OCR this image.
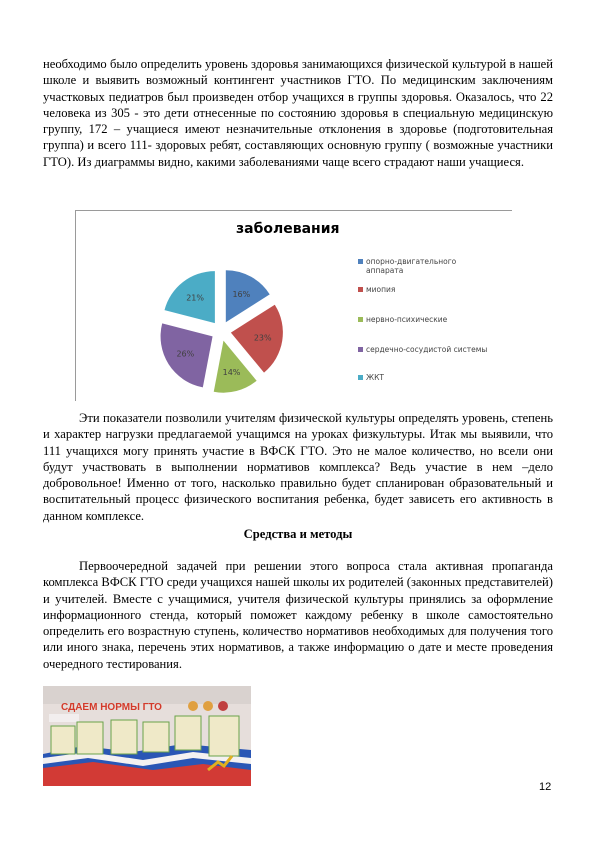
необходимо было определить уровень здоровья занимающихся физической культурой в нашей школе и выявить возможный контингент участников ГТО. По медицинским заключениям участковых педиатров был произведен отбор учащихся в группы здоровья. Оказалось, что 22 человека из 305 - это дети отнесенные по состоянию здоровья в специальную медицинскую группу, 172 – учащиеся имеют незначительные отклонения в здоровье (подготовительная группа) и всего 111- здоровых ребят, составляющих основную группу ( возможные участники ГТО). Из диаграммы видно, какими заболеваниями чаще всего страдают наши учащиеся.

заболевания
16%
23%
14%
26%
21%
опорно-двигательного аппарата
миопия
нервно-психические
сердечно-сосудистой системы
ЖКТ

Эти показатели позволили учителям физической культуры определять уровень, степень и характер нагрузки предлагаемой учащимся на уроках физкультуры. Итак мы выявили, что 111 учащихся могу принять участие в ВФСК ГТО. Это не малое количество, но всели они будут участвовать в выполнении нормативов комплекса? Ведь участие в нем –дело добровольное! Именно от того, насколько правильно будет спланирован образовательный и воспитательный процесс физического воспитания ребенка, будет зависеть его активность в данном комплексе.

Средства и методы

Первоочередной задачей при решении этого вопроса стала активная пропаганда комплекса ВФСК ГТО среди учащихся нашей школы их родителей (законных представителей) и учителей. Вместе с учащимися, учителя физической культуры принялись за оформление информационного стенда, который поможет каждому ребенку в школе самостоятельно определить его возрастную ступень, количество нормативов необходимых для получения того или иного знака, перечень этих нормативов, а также информацию о дате и месте проведения очередного тестирования.

СДАЕМ НОРМЫ ГТО
12
